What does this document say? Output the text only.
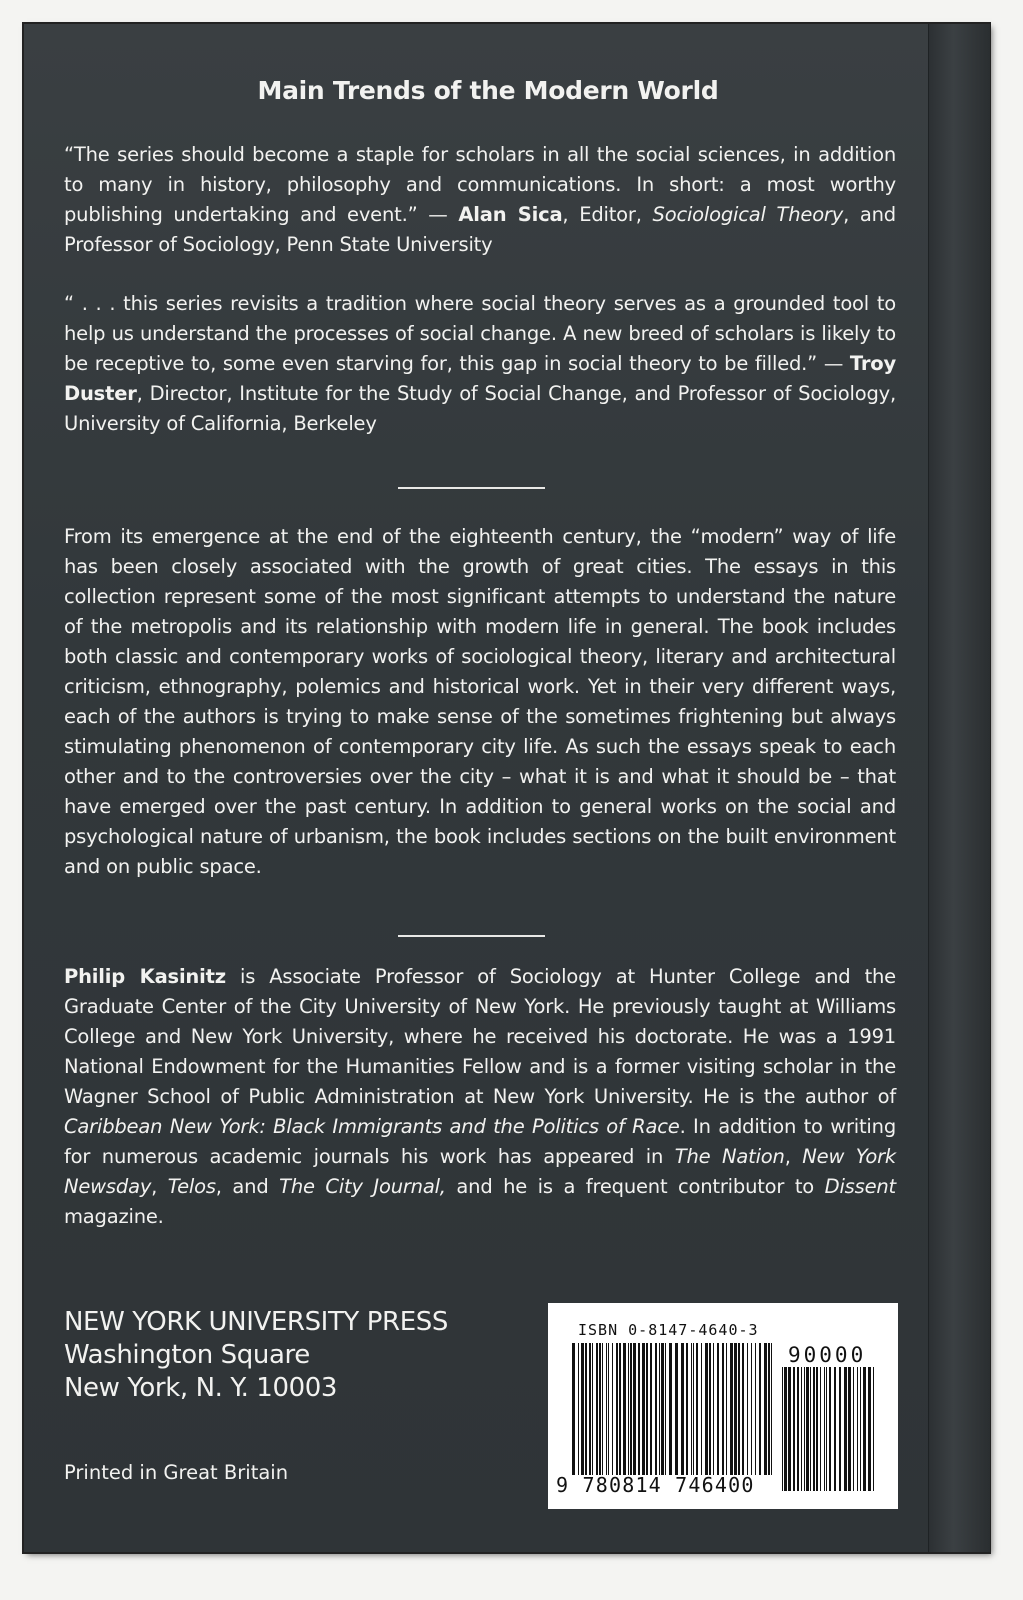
Main Trends of the Modern World
“The series should become a staple for scholars in all the social sciences, in addition to many in history, philosophy and communications. In short: a most worthy publishing undertaking and event.” — Alan Sica, Editor, Sociological Theory, and Professor of Sociology, Penn State University
“ . . . this series revisits a tradition where social theory serves as a grounded tool to help us understand the processes of social change. A new breed of scholars is likely to be receptive to, some even starving for, this gap in social theory to be filled.” — Troy Duster, Director, Institute for the Study of Social Change, and Professor of Sociology, University of California, Berkeley
From its emergence at the end of the eighteenth century, the “modern” way of life has been closely associated with the growth of great cities. The essays in this collection represent some of the most significant attempts to understand the nature of the metropolis and its relationship with modern life in general. The book includes both classic and contemporary works of sociological theory, literary and architectural criticism, ethnography, polemics and historical work. Yet in their very different ways, each of the authors is trying to make sense of the sometimes frightening but always stimulating phenomenon of contemporary city life. As such the essays speak to each other and to the controversies over the city – what it is and what it should be – that have emerged over the past century. In addition to general works on the social and psychological nature of urbanism, the book includes sections on the built environment and on public space.
Philip Kasinitz is Associate Professor of Sociology at Hunter College and the Graduate Center of the City University of New York. He previously taught at Williams College and New York University, where he received his doctorate. He was a 1991 National Endowment for the Humanities Fellow and is a former visiting scholar in the Wagner School of Public Administration at New York University. He is the author of Caribbean New York: Black Immigrants and the Politics of Race. In addition to writing for numerous academic journals his work has appeared in The Nation, New York Newsday, Telos, and The City Journal, and he is a frequent contributor to Dissent magazine.
NEW YORK UNIVERSITY PRESS
Washington Square
New York, N. Y. 10003
Printed in Great Britain
ISBN 0-8147-4640-3
90000
9 780814 746400
